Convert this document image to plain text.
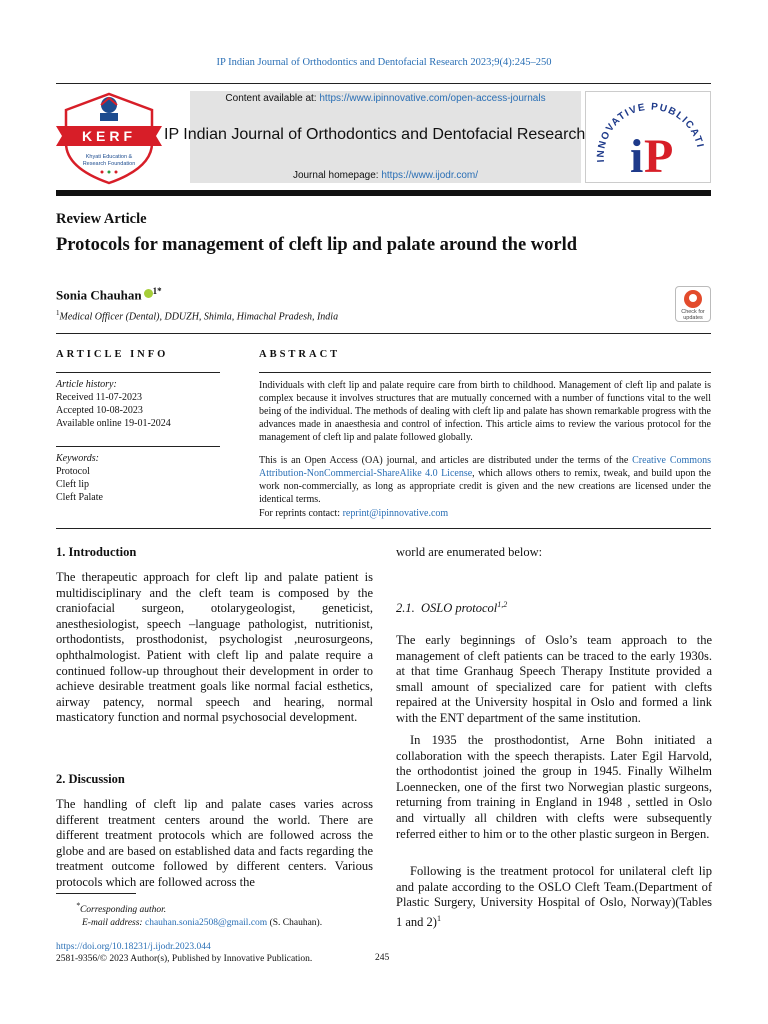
IP Indian Journal of Orthodontics and Dentofacial Research 2023;9(4):245–250
KERF
Khyati Education &
Research Foundation
Content available at: https://www.ipinnovative.com/open-access-journals
IP Indian Journal of Orthodontics and Dentofacial Research
Journal homepage: https://www.ijodr.com/
INNOVATIVE PUBLICATI
i P
Review Article
Protocols for management of cleft lip and palate around the world
Sonia Chauhan $^{1*}$
$^1$Medical Officer (Dental), DDUZH, Shimla, Himachal Pradesh, India	Check for updates
ARTICLE INFO
Article history:
Received 11-07-2023
Accepted 10-08-2023
Available online 19-01-2024
Keywords:
Protocol
Cleft lip
Cleft Palate
ABSTRACT
Individuals with cleft lip and palate require care from birth to childhood. Management of cleft lip and palate is complex because it involves structures that are mutually concerned with a number of functions vital to the well being of the individual. The methods of dealing with cleft lip and palate has shown remarkable progress with the advances made in anaesthesia and control of infection. This article aims to review the various protocol for the management of cleft lip and palate followed globally.
This is an Open Access (OA) journal, and articles are distributed under the terms of the Creative Commons Attribution-NonCommercial-ShareAlike 4.0 License, which allows others to remix, tweak, and build upon the work non-commercially, as long as appropriate credit is given and the new creations are licensed under the identical terms.
For reprints contact: reprint@ipinnovative.com
1. Introduction
The therapeutic approach for cleft lip and palate patient is multidisciplinary and the cleft team is composed by the craniofacial surgeon, otolarygeologist, geneticist, anesthesiologist, speech –language pathologist, nutritionist, orthodontists, prosthodonist, psychologist ,neurosurgeons, ophthalmologist. Patient with cleft lip and palate require a continued follow-up throughout their development in order to achieve desirable treatment goals like normal facial esthetics, airway patency, normal speech and hearing, normal masticatory function and normal psychosocial development.
2. Discussion
The handling of cleft lip and palate cases varies across different treatment centers around the world. There are different treatment protocols which are followed across the globe and are based on established data and facts regarding the treatment outcome followed by different centers. Various protocols which are followed across the
*Corresponding author.
E-mail address: chauhan.sonia2508@gmail.com (S. Chauhan).
world are enumerated below:
2.1. OSLO protocol$^{1,2}$
The early beginnings of Oslo’s team approach to the management of cleft patients can be traced to the early 1930s. at that time Granhaug Speech Therapy Institute provided a small amount of specialized care for patient with clefts repaired at the University hospital in Oslo and formed a link with the ENT department of the same institution.
In 1935 the prosthodontist, Arne Bohn initiated a collaboration with the speech therapists. Later Egil Harvold, the orthodontist joined the group in 1945. Finally Wilhelm Loennecken, one of the first two Norwegian plastic surgeons, returning from training in England in 1948 , settled in Oslo and virtually all children with clefts were subsequently referred either to him or to the other plastic surgeon in Bergen.
Following is the treatment protocol for unilateral cleft lip and palate according to the OSLO Cleft Team.(Department of Plastic Surgery, University Hospital of Oslo, Norway)(Tables 1 and 2)$^1$
https://doi.org/10.18231/j.ijodr.2023.044
2581-9356/© 2023 Author(s), Published by Innovative Publication.	245
